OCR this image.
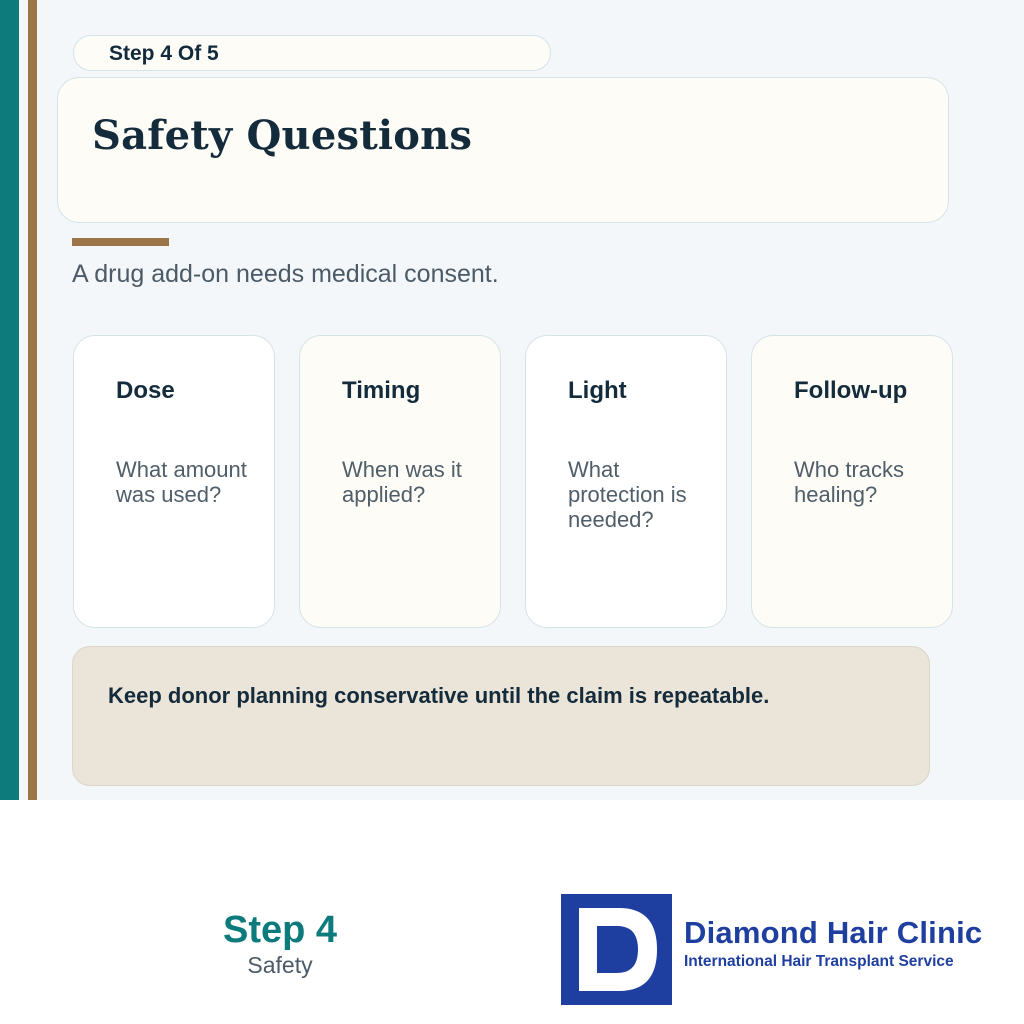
Step 4 Of 5
Safety Questions
A drug add-on needs medical consent.
Dose
What amount was used?
Timing
When was it applied?
Light
What protection is needed?
Follow-up
Who tracks healing?
Keep donor planning conservative until the claim is repeatable.
Step 4
Safety
D
Diamond Hair Clinic
International Hair Transplant Service
